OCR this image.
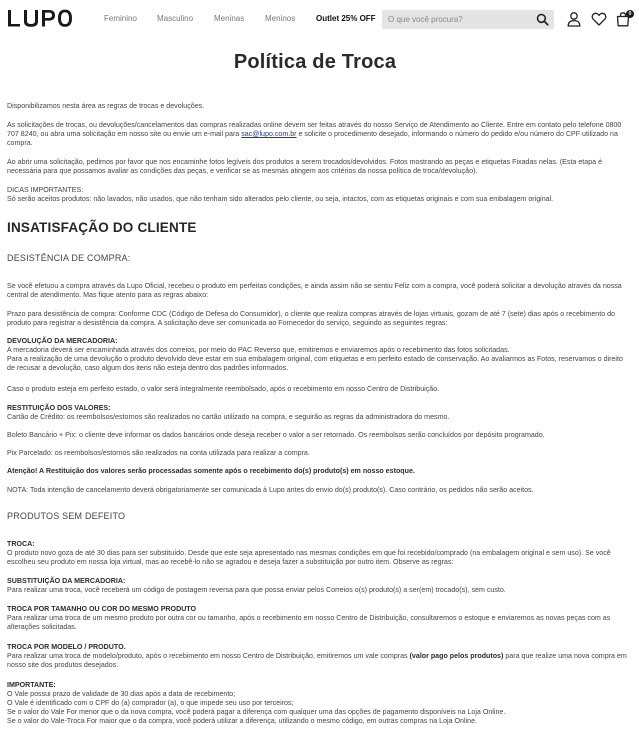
Feminino	Masculino	Meninas	Meninos	Outlet 25% OFF
O que você procura?	0
Política de Troca
Disponibilizamos nesta área as regras de trocas e devoluções.
As solicitações de trocas, ou devoluções/cancelamentos das compras realizadas online devem ser feitas através do nosso Serviço de Atendimento ao Cliente. Entre em contato pelo telefone 0800 707 8240, ou abra uma solicitação em nosso site ou envie um e-mail para sac@lupo.com.br e solicite o procedimento desejado, informando o número do pedido e/ou número do CPF utilizado na compra.
Ao abrir uma solicitação, pedimos por favor que nos encaminhe fotos legíveis dos produtos a serem trocados/devolvidos. Fotos mostrando as peças e etiquetas Fixadas nelas. (Esta etapa é necessária para que possamos avaliar as condições das peças, e verificar se as mesmas atingem aos critérios da nossa política de troca/devolução).
DICAS IMPORTANTES:
Só serão aceitos produtos: não lavados, não usados, que não tenham sido alterados pelo cliente, ou seja, intactos, com as etiquetas originais e com sua embalagem original.
INSATISFAÇÃO DO CLIENTE
DESISTÊNCIA DE COMPRA:
Se você efetuou a compra através da Lupo Oficial, recebeu o produto em perfeitas condições, e ainda assim não se sentiu Feliz com a compra, você poderá solicitar a devolução através da nossa central de atendimento. Mas fique atento para as regras abaixo:
Prazo para desistência de compra: Conforme CDC (Código de Defesa do Consumidor), o cliente que realiza compras através de lojas virtuais, gozam de até 7 (sete) dias após o recebimento do produto para registrar a desistência da compra. A solicitação deve ser comunicada ao Fornecedor do serviço, seguindo as seguintes regras:
DEVOLUÇÃO DA MERCADORIA:
A mercadoria deverá ser encaminhada através dos correios, por meio do PAC Reverso que, emitiremos e enviaremos após o recebimento das fotos solicitadas.
Para a realização de uma devolução o produto devolvido deve estar em sua embalagem original, com etiquetas e em perfeito estado de conservação. Ao avaliarmos as Fotos, reservamos o direito de recusar a devolução, caso algum dos itens não esteja dentro dos padrões informados.
Caso o produto esteja em perfeito estado, o valor será integralmente reembolsado, após o recebimento em nosso Centro de Distribuição.
RESTITUIÇÃO DOS VALORES:
Cartão de Crédito: os reembolsos/estornos são realizados no cartão utilizado na compra, e seguirão as regras da administradora do mesmo.
Boleto Bancário + Pix: o cliente deve informar os dados bancários onde deseja receber o valor a ser retornado. Os reembolsos serão concluídos por depósito programado.
Pix Parcelado: os reembolsos/estornos são realizados na conta utilizada para realizar a compra.
Atenção! A Restituição dos valores serão processadas somente após o recebimento do(s) produto(s) em nosso estoque.
NOTA: Toda intenção de cancelamento deverá obrigatoriamente ser comunicada à Lupo antes do envio do(s) produto(s). Caso contrário, os pedidos não serão aceitos.
PRODUTOS SEM DEFEITO
TROCA:
O produto novo goza de até 30 dias para ser substituído. Desde que este seja apresentado nas mesmas condições em que foi recebido/comprado (na embalagem original e sem uso). Se você escolheu seu produto em nossa loja virtual, mas ao recebê-lo não se agradou e deseja fazer a substituição por outro item. Observe as regras:
SUBSTITUIÇÃO DA MERCADORIA:
Para realizar uma troca, você receberá um código de postagem reversa para que possa enviar pelos Correios o(s) produto(s) a ser(em) trocado(s), sem custo.
TROCA POR TAMANHO OU COR DO MESMO PRODUTO
Para realizar uma troca de um mesmo produto por outra cor ou tamanho, após o recebimento em nosso Centro de Distribuição, consultaremos o estoque e enviaremos as novas peças com as alterações solicitadas.
TROCA POR MODELO / PRODUTO.
Para realizar uma troca de modelo/produto, após o recebimento em nosso Centro de Distribuição, emitiremos um vale compras (valor pago pelos produtos) para que realize uma nova compra em nosso site dos produtos desejados.
IMPORTANTE:
O Vale possui prazo de validade de 30 dias após a data de recebimento;
O Vale é identificado com o CPF do (a) comprador (a), o que impede seu uso por terceiros;
Se o valor do Vale For menor que o da nova compra, você poderá pagar a diferença com qualquer uma das opções de pagamento disponíveis na Loja Online.
Se o valor do Vale-Troca For maior que o da compra, você poderá utilizar a diferença, utilizando o mesmo código, em outras compras na Loja Online.
